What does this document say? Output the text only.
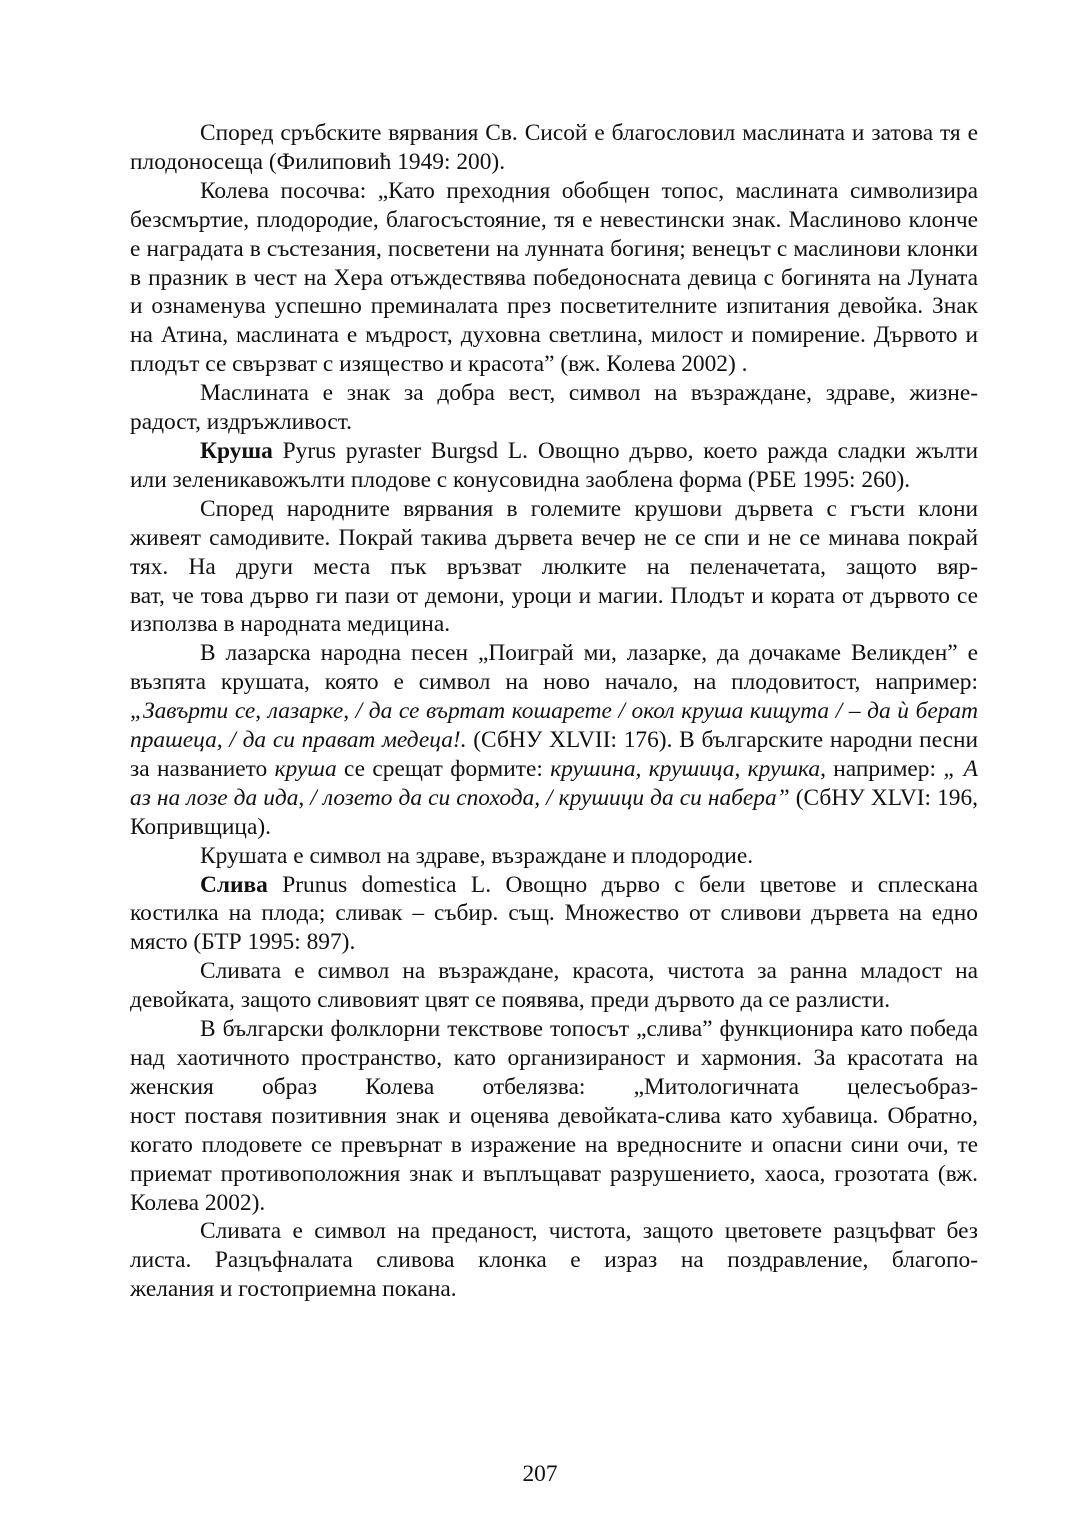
Според сръбските вярвания Св. Сисой е благословил маслината и затова тя е плодоносеща (Филиповић 1949: 200).

Колева посочва: „Като преходния обобщен топос, маслината символизира безсмъртие, плодородие, благосъстояние, тя е невестински знак. Маслиново клонче е наградата в състезания, посветени на лунната богиня; венецът с маслинови клонки в празник в чест на Хера отъждествява победоносната девица с богинята на Луната и ознаменува успешно преминалата през посветителните изпитания девойка. Знак на Атина, маслината е мъдрост, духовна светлина, милост и помирение. Дървото и плодът се свързват с изящество и красота” (вж. Колева 2002) .

Маслината е знак за добра вест, символ на възраждане, здраве, жизне-

радост, издръжливост.

Круша Pyrus pyraster Burgsd L. Овощно дърво, което ражда сладки жълти или зеленикавожълти плодове с конусовидна заоблена форма (РБЕ 1995: 260).

Според народните вярвания в големите крушови дървета с гъсти клони живеят самодивите. Покрай такива дървета вечер не се спи и не се минава покрай тях. На други места пък връзват люлките на пеленачетата, защото вяр-

ват, че това дърво ги пази от демони, уроци и магии. Плодът и кората от дървото се използва в народната медицина.

В лазарска народна песен „Поиграй ми, лазарке, да дочакаме Великден” е възпята крушата, която е символ на ново начало, на плодовитост, например: „Завърти се, лазарке, / да се въртат кошарете / окол круша кищута / – да ѝ берат прашеца, / да си прават медеца!. (СбНУ XLVII: 176). В българските народни песни за названието круша се срещат формите: крушина, крушица, крушка, например: „ А аз на лозе да ида, / лозето да си спохода, / крушици да си набера” (СбНУ XLVI: 196, Копривщица).

Крушата е символ на здраве, възраждане и плодородие.

Слива Prunus domestica L. Овощно дърво с бели цветове и сплескана костилка на плода; сливак – събир. същ. Множество от сливови дървета на едно място (БТР 1995: 897).

Сливата е символ на възраждане, красота, чистота за ранна младост на девойката, защото сливовият цвят се появява, преди дървото да се разлисти.

В български фолклорни текствове топосът „слива” функционира като победа над хаотичното пространство, като организираност и хармония. За красотата на женския образ Колева отбелязва: „Митологичната целесъобраз-

ност поставя позитивния знак и оценява девойката-слива като хубавица. Обратно, когато плодовете се превърнат в изражение на вредносните и опасни сини очи, те приемат противоположния знак и въплъщават разрушението, хаоса, грозотата (вж. Колева 2002).

Сливата е символ на преданост, чистота, защото цветовете разцъфват без листа. Разцъфналата сливова клонка е израз на поздравление, благопо-

желания и гостоприемна покана.

207
